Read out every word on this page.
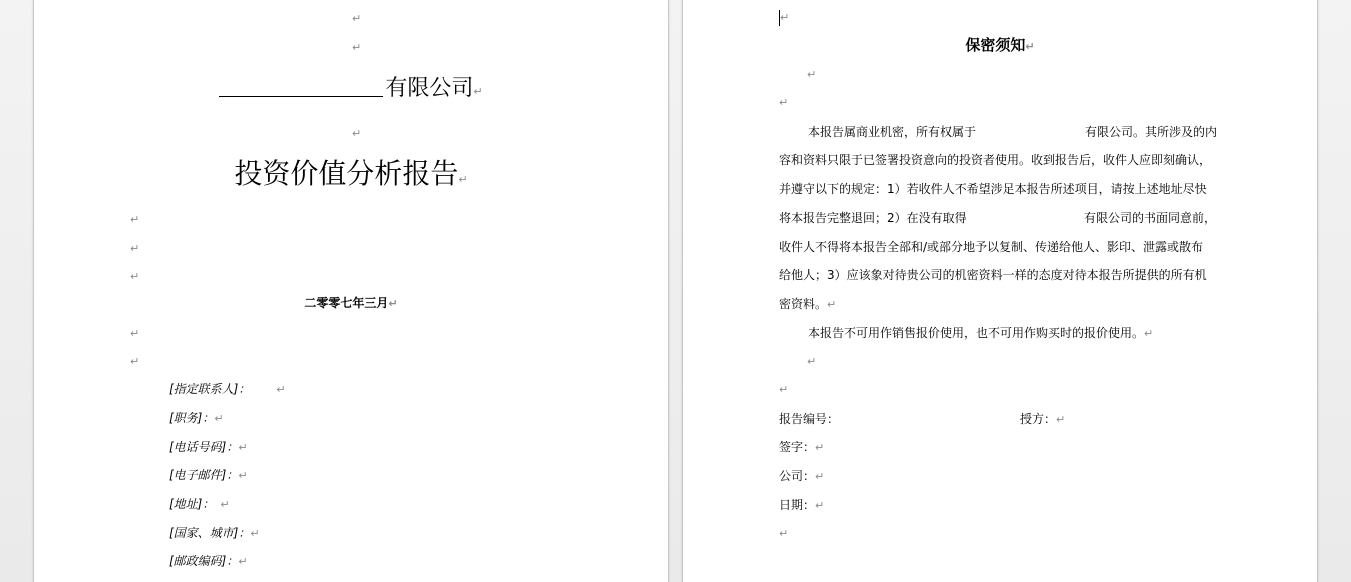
↵
↵
有限公司↵
↵
投资价值分析报告↵
↵
↵
↵
二零零七年三月↵
↵
↵
[指定联系人]： ↵
[职务]：↵
[电话号码]：↵
[电子邮件]：↵
[地址]： ↵
[国家、城市]：↵
[邮政编码]：↵
↵
保密须知↵
↵
↵
本报告属商业机密，所有权属于	有限公司。其所涉及的内
容和资料只限于已签署投资意向的投资者使用。收到报告后，收件人应即刻确认，
并遵守以下的规定：1）若收件人不希望涉足本报告所述项目，请按上述地址尽快
将本报告完整退回；2）在没有取得	有限公司的书面同意前，
收件人不得将本报告全部和/或部分地予以复制、传递给他人、影印、泄露或散布
给他人；3）应该象对待贵公司的机密资料一样的态度对待本报告所提供的所有机
密资料。↵
本报告不可用作销售报价使用，也不可用作购买时的报价使用。↵
↵
↵
报告编号：	授方：↵
签字：↵
公司：↵
日期：↵
↵
